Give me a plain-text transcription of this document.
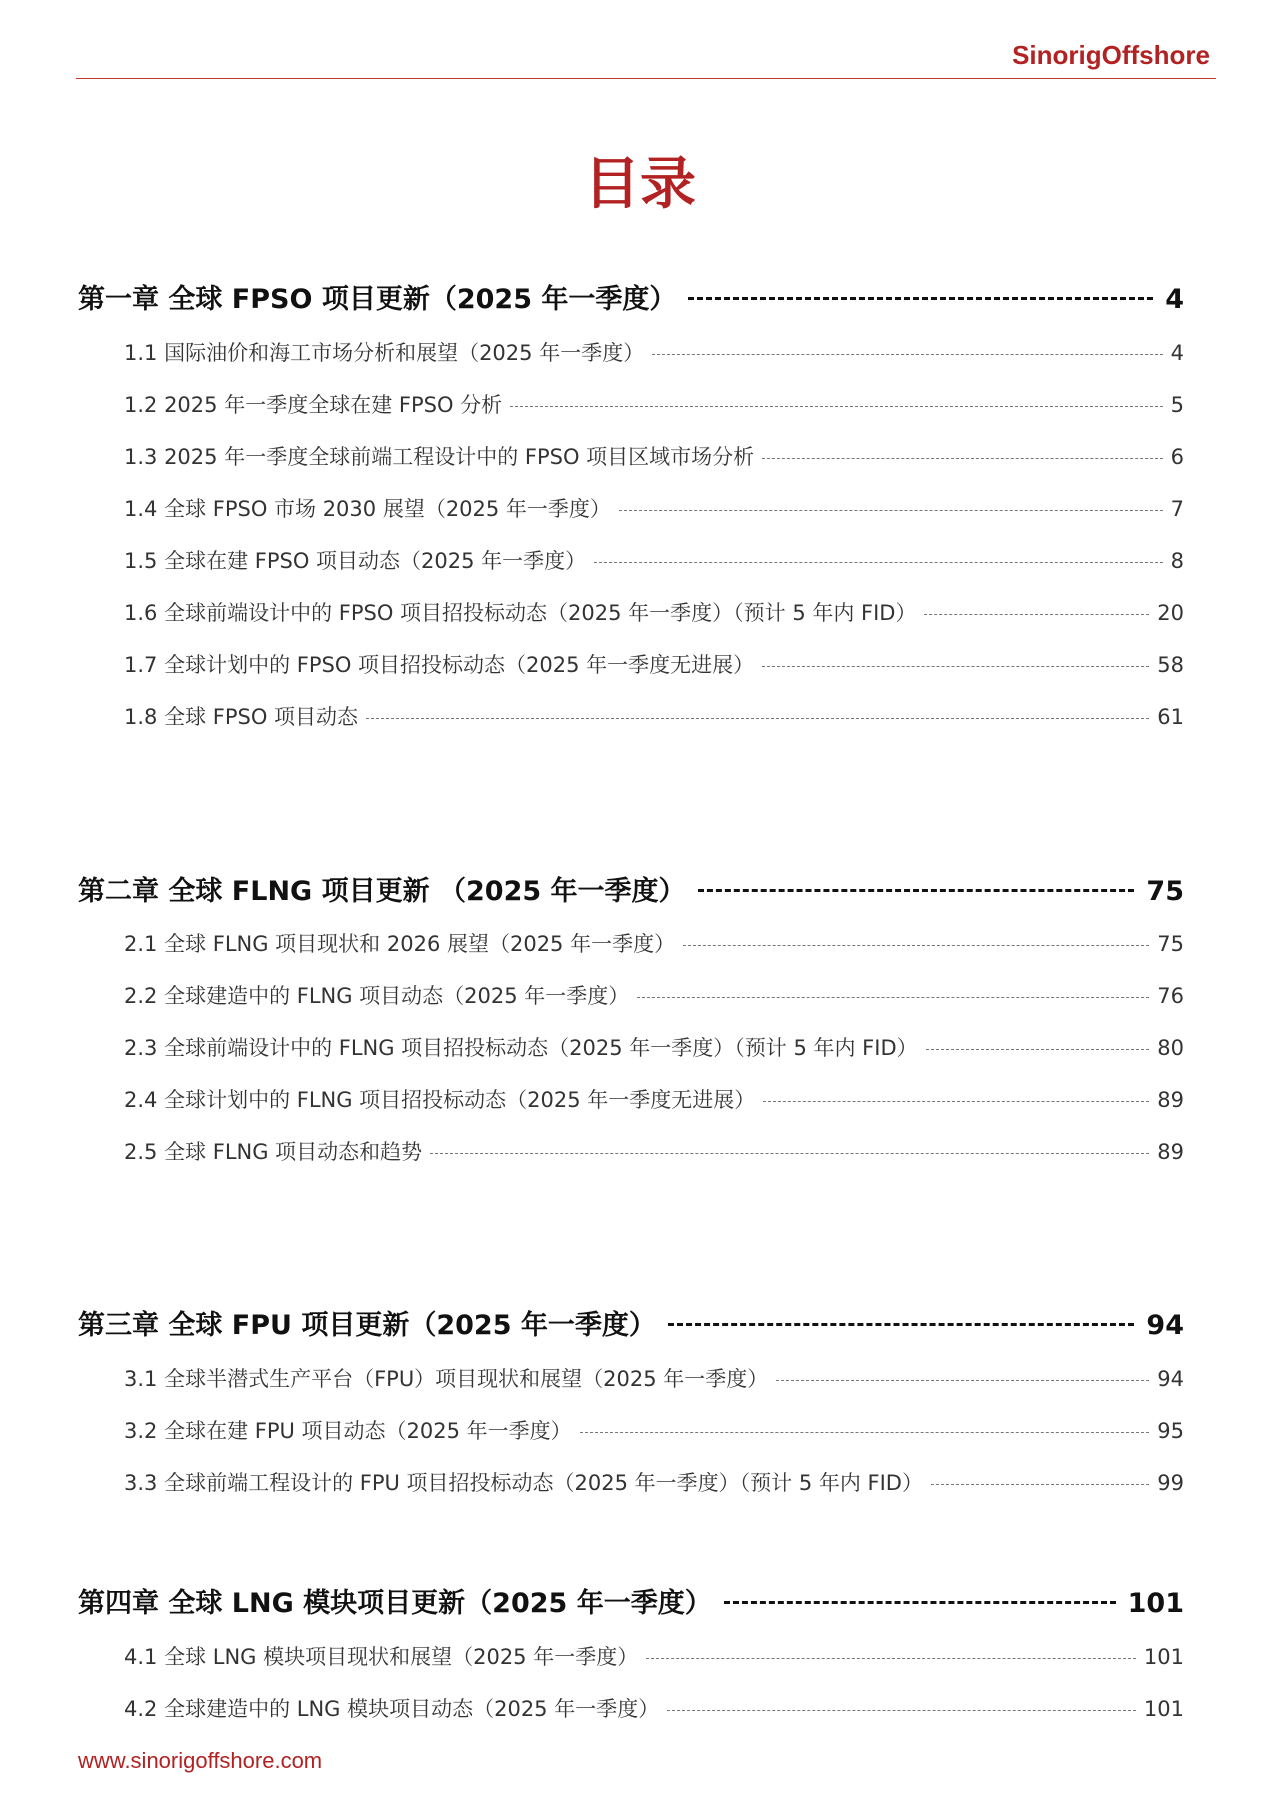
SinorigOffshore
目录
第一章 全球 FPSO 项目更新（2025 年一季度）	4
1.1 国际油价和海工市场分析和展望（2025 年一季度）	4
1.2 2025 年一季度全球在建 FPSO 分析	5
1.3 2025 年一季度全球前端工程设计中的 FPSO 项目区域市场分析	6
1.4 全球 FPSO 市场 2030 展望（2025 年一季度）	7
1.5 全球在建 FPSO 项目动态（2025 年一季度）	8
1.6 全球前端设计中的 FPSO 项目招投标动态（2025 年一季度）（预计 5 年内 FID）	20
1.7 全球计划中的 FPSO 项目招投标动态（2025 年一季度无进展）	58
1.8 全球 FPSO 项目动态	61
第二章 全球 FLNG 项目更新 （2025 年一季度）	75
2.1 全球 FLNG 项目现状和 2026 展望（2025 年一季度）	75
2.2 全球建造中的 FLNG 项目动态（2025 年一季度）	76
2.3 全球前端设计中的 FLNG 项目招投标动态（2025 年一季度）（预计 5 年内 FID）	80
2.4 全球计划中的 FLNG 项目招投标动态（2025 年一季度无进展）	89
2.5 全球 FLNG 项目动态和趋势	89
第三章 全球 FPU 项目更新（2025 年一季度）	94
3.1 全球半潜式生产平台（FPU）项目现状和展望（2025 年一季度）	94
3.2 全球在建 FPU 项目动态（2025 年一季度）	95
3.3 全球前端工程设计的 FPU 项目招投标动态（2025 年一季度）（预计 5 年内 FID）	99
第四章 全球 LNG 模块项目更新（2025 年一季度）	101
4.1 全球 LNG 模块项目现状和展望（2025 年一季度）	101
4.2 全球建造中的 LNG 模块项目动态（2025 年一季度）	101
www.sinorigoffshore.com
